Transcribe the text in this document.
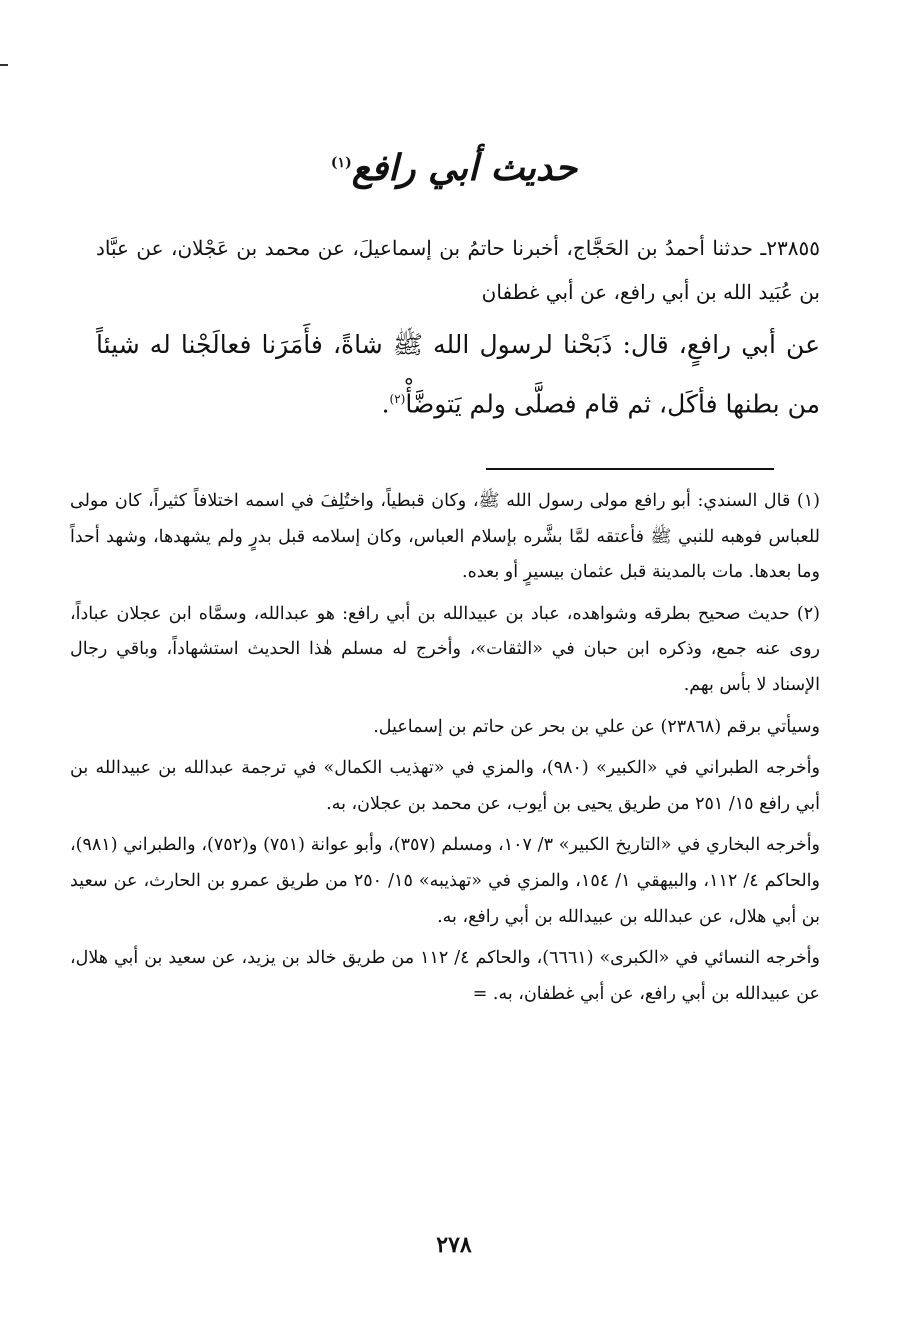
حديث أبي رافع$^{(١)}$

٢٣٨٥٥ـ حدثنا أحمدُ بن الحَجَّاج، أخبرنا حاتمُ بن إسماعيلَ، عن محمد بن عَجْلان، عن عبَّاد بن عُبَيد الله بن أبي رافع، عن أبي غطفان

عن أبي رافعٍ، قال: ذَبَحْنا لرسول الله ﷺ شاةً، فأَمَرَنا فعالَجْنا له شيئاً من بطنها فأكَل، ثم قام فصلَّى ولم يَتوضَّأْ$^{(٢)}$.

(١) قال السندي: أبو رافع مولى رسول الله ﷺ، وكان قبطياً، واختُلِفَ في اسمه اختلافاً كثيراً، كان مولى للعباس فوهبه للنبي ﷺ فأعتقه لمَّا بشَّره بإسلام العباس، وكان إسلامه قبل بدرٍ ولم يشهدها، وشهد أحداً وما بعدها. مات بالمدينة قبل عثمان بيسيرٍ أو بعده.

(٢) حديث صحيح بطرقه وشواهده، عباد بن عبيدالله بن أبي رافع: هو عبدالله، وسمَّاه ابن عجلان عباداً، روى عنه جمع، وذكره ابن حبان في «الثقات»، وأخرج له مسلم هٰذا الحديث استشهاداً، وباقي رجال الإسناد لا بأس بهم.

وسيأتي برقم (٢٣٨٦٨) عن علي بن بحر عن حاتم بن إسماعيل.

وأخرجه الطبراني في «الكبير» (٩٨٠)، والمزي في «تهذيب الكمال» في ترجمة عبدالله بن عبيدالله بن أبي رافع ١٥/ ٢٥١ من طريق يحيى بن أيوب، عن محمد بن عجلان، به.

وأخرجه البخاري في «التاريخ الكبير» ٣/ ١٠٧، ومسلم (٣٥٧)، وأبو عوانة (٧٥١) و(٧٥٢)، والطبراني (٩٨١)، والحاكم ٤/ ١١٢، والبيهقي ١/ ١٥٤، والمزي في «تهذيبه» ١٥/ ٢٥٠ من طريق عمرو بن الحارث، عن سعيد بن أبي هلال، عن عبدالله بن عبيدالله بن أبي رافع، به.

وأخرجه النسائي في «الكبرى» (٦٦٦١)، والحاكم ٤/ ١١٢ من طريق خالد بن يزيد، عن سعيد بن أبي هلال، عن عبيدالله بن أبي رافع، عن أبي غطفان، به. =

٢٧٨
